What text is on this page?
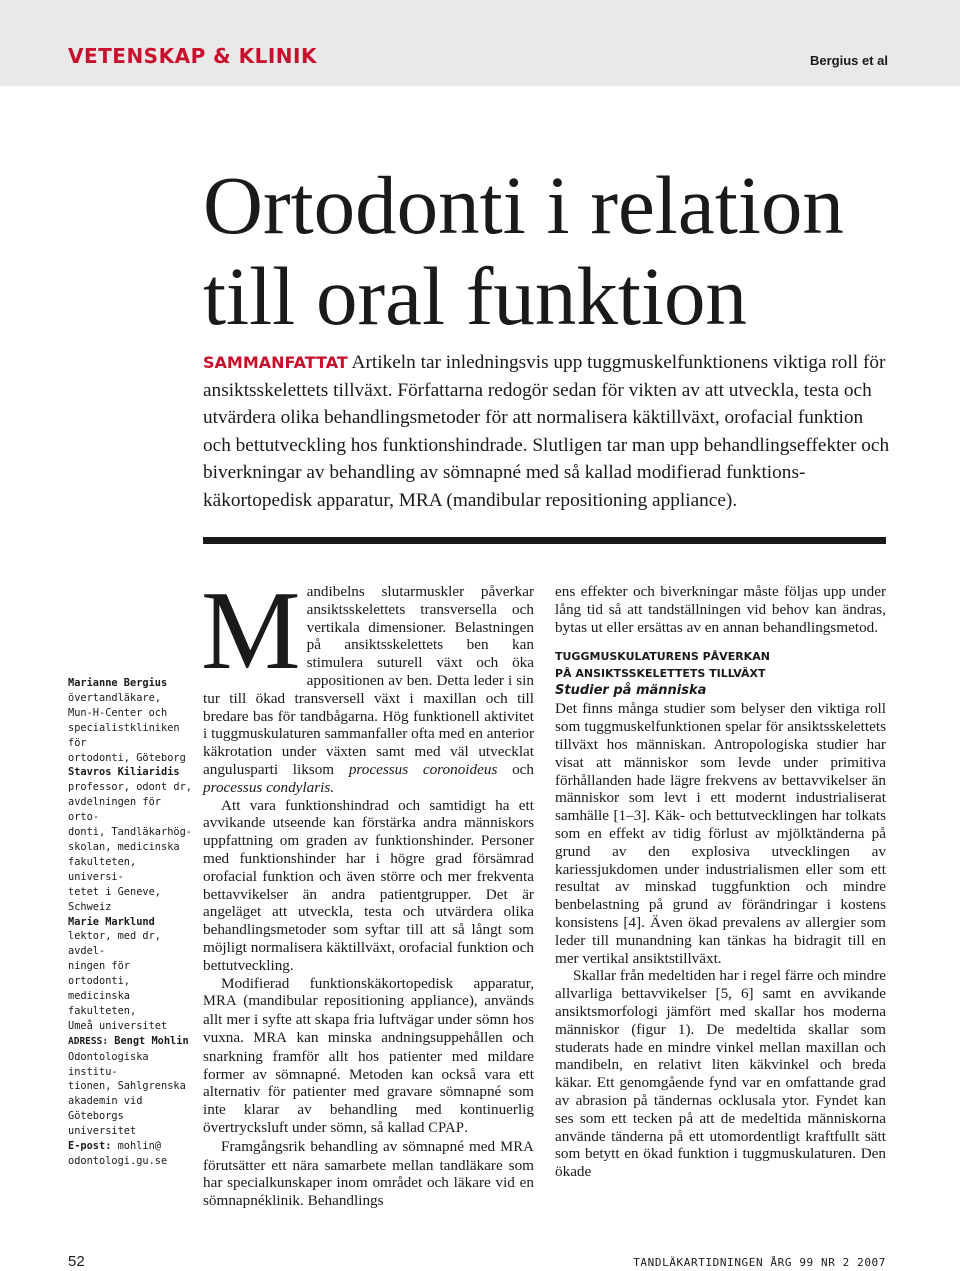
VETENSKAP & KLINIK	Bergius et al
Ortodonti i relation
till oral funktion
SAMMANFATTAT Artikeln tar inledningsvis upp tuggmuskelfunktionens viktiga roll för ansiktsskelettets tillväxt. Författarna redogör sedan för vikten av att utveckla, testa och utvärdera olika behandlingsmetoder för att normalisera käktillväxt, orofacial funktion och bettutveckling hos funktionshindrade. Slutligen tar man upp behandlingseffekter och biverkningar av behandling av sömnapné med så kallad modifierad funktionskäkortopedisk apparatur, MRA (mandibular repositioning appliance).
Marianne Bergius
övertandläkare,
Mun-H-Center och
specialistkliniken för
ortodonti, Göteborg
Stavros Kiliaridis
professor, odont dr,
avdelningen för orto-
donti, Tandläkarhög-
skolan, medicinska
fakulteten, universi-
tetet i Geneve, Schweiz
Marie Marklund
lektor, med dr, avdel-
ningen för ortodonti,
medicinska fakulteten,
Umeå universitet
ADRESS: Bengt Mohlin
Odontologiska institu-
tionen, Sahlgrenska
akademin vid Göteborgs
universitet
E-post: mohlin@
odontologi.gu.se

Mandibelns slutarmuskler påverkar ansiktsskelettets transversella och vertikala dimensioner. Belastningen på ansiktsskelettets ben kan stimulera suturell växt och öka appositionen av ben. Detta leder i sin tur till ökad transversell växt i maxillan och till bredare bas för tandbågarna. Hög funktionell aktivitet i tuggmuskulaturen sammanfaller ofta med en anterior käkrotation under växten samt med väl utvecklat angulusparti liksom processus coronoideus och processus condylaris.

Att vara funktionshindrad och samtidigt ha ett avvikande utseende kan förstärka andra människors uppfattning om graden av funktionshinder. Personer med funktionshinder har i högre grad försämrad orofacial funktion och även större och mer frekventa bettavvikelser än andra patientgrupper. Det är angeläget att utveckla, testa och utvärdera olika behandlingsmetoder som syftar till att så långt som möjligt normalisera käktillväxt, orofacial funktion och bettutveckling.

Modifierad funktionskäkortopedisk apparatur, MRA (mandibular repositioning appliance), används allt mer i syfte att skapa fria luftvägar under sömn hos vuxna. MRA kan minska andningsuppehållen och snarkning framför allt hos patienter med mildare former av sömnapné. Metoden kan också vara ett alternativ för patienter med gravare sömnapné som inte klarar av behandling med kontinuerlig övertrycksluft under sömn, så kallad CPAP.

Framgångsrik behandling av sömnapné med MRA förutsätter ett nära samarbete mellan tandläkare som har specialkunskaper inom området och läkare vid en sömnapnéklinik. Behandlings

ens effekter och biverkningar måste följas upp under lång tid så att tandställningen vid behov kan ändras, bytas ut eller ersättas av en annan behandlingsmetod.

TUGGMUSKULATURENS PÅVERKAN
PÅ ANSIKTSSKELETTETS TILLVÄXT
Studier på människa

Det finns många studier som belyser den viktiga roll som tuggmuskelfunktionen spelar för ansiktsskelettets tillväxt hos människan. Antropologiska studier har visat att människor som levde under primitiva förhållanden hade lägre frekvens av bettavvikelser än människor som levt i ett modernt industrialiserat samhälle [1–3]. Käk- och bettutvecklingen har tolkats som en effekt av tidig förlust av mjölktänderna på grund av den explosiva utvecklingen av kariessjukdomen under industrialismen eller som ett resultat av minskad tuggfunktion och mindre benbelastning på grund av förändringar i kostens konsistens [4]. Även ökad prevalens av allergier som leder till munandning kan tänkas ha bidragit till en mer vertikal ansiktstillväxt.

Skallar från medeltiden har i regel färre och mindre allvarliga bettavvikelser [5, 6] samt en avvikande ansiktsmorfologi jämfört med skallar hos moderna människor (figur 1). De medeltida skallar som studerats hade en mindre vinkel mellan maxillan och mandibeln, en relativt liten käkvinkel och breda käkar. Ett genomgående fynd var en omfattande grad av abrasion på tändernas ocklusala ytor. Fyndet kan ses som ett tecken på att de medeltida människorna använde tänderna på ett utomordentligt kraftfullt sätt som betytt en ökad funktion i tuggmuskulaturen. Den ökade

52	TANDLÄKARTIDNINGEN ÅRG 99 NR 2 2007
